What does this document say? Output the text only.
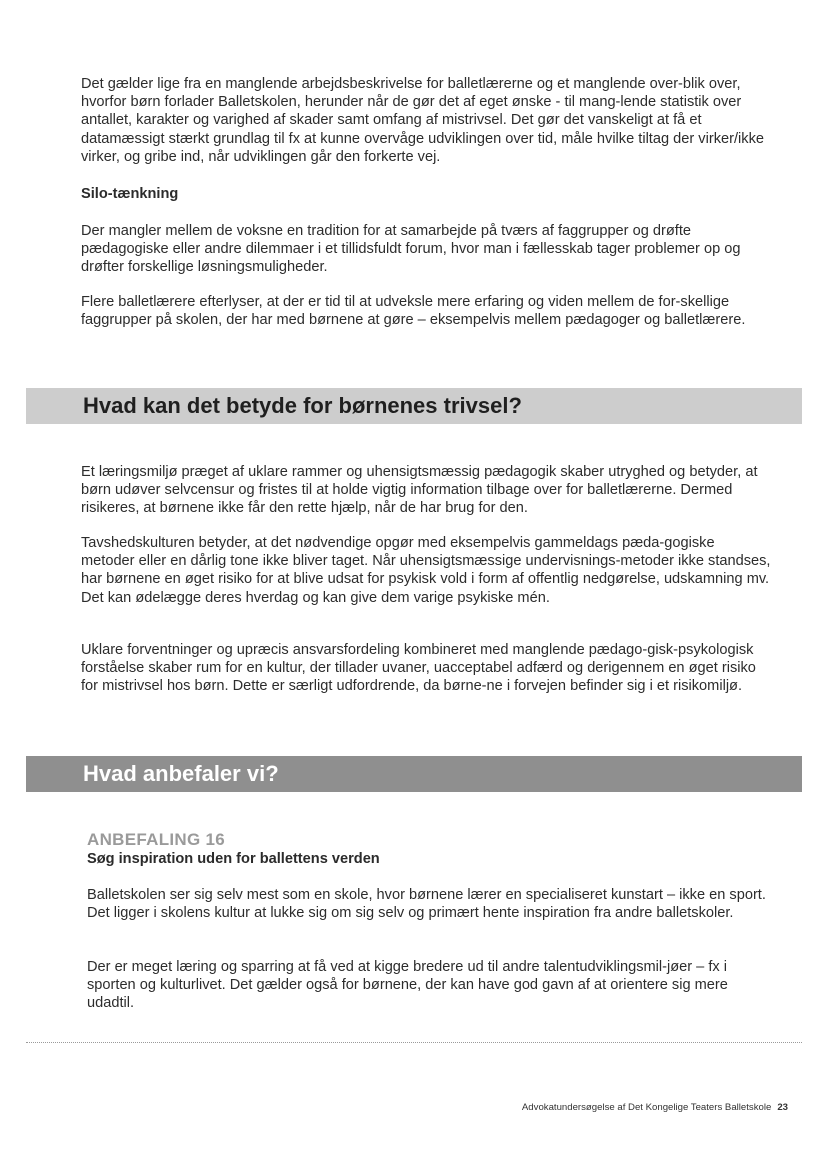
Det gælder lige fra en manglende arbejdsbeskrivelse for balletlærerne og et manglende over-blik over, hvorfor børn forlader Balletskolen, herunder når de gør det af eget ønske - til mang-lende statistik over antallet, karakter og varighed af skader samt omfang af mistrivsel. Det gør det vanskeligt at få et datamæssigt stærkt grundlag til fx at kunne overvåge udviklingen over tid, måle hvilke tiltag der virker/ikke virker, og gribe ind, når udviklingen går den forkerte vej.

Silo-tænkning

Der mangler mellem de voksne en tradition for at samarbejde på tværs af faggrupper og drøfte pædagogiske eller andre dilemmaer i et tillidsfuldt forum, hvor man i fællesskab tager problemer op og drøfter forskellige løsningsmuligheder.

Flere balletlærere efterlyser, at der er tid til at udveksle mere erfaring og viden mellem de for-skellige faggrupper på skolen, der har med børnene at gøre – eksempelvis mellem pædagoger og balletlærere.

Hvad kan det betyde for børnenes trivsel?

Et læringsmiljø præget af uklare rammer og uhensigtsmæssig pædagogik skaber utryghed og betyder, at børn udøver selvcensur og fristes til at holde vigtig information tilbage over for balletlærerne. Dermed risikeres, at børnene ikke får den rette hjælp, når de har brug for den.

Tavshedskulturen betyder, at det nødvendige opgør med eksempelvis gammeldags pæda-gogiske metoder eller en dårlig tone ikke bliver taget. Når uhensigtsmæssige undervisnings-metoder ikke standses, har børnene en øget risiko for at blive udsat for psykisk vold i form af offentlig nedgørelse, udskamning mv. Det kan ødelægge deres hverdag og kan give dem varige psykiske mén.

Uklare forventninger og upræcis ansvarsfordeling kombineret med manglende pædago-gisk-psykologisk forståelse skaber rum for en kultur, der tillader uvaner, uacceptabel adfærd og derigennem en øget risiko for mistrivsel hos børn. Dette er særligt udfordrende, da børne-ne i forvejen befinder sig i et risikomiljø.

Hvad anbefaler vi?
ANBEFALING 16
Søg inspiration uden for ballettens verden

Balletskolen ser sig selv mest som en skole, hvor børnene lærer en specialiseret kunstart – ikke en sport. Det ligger i skolens kultur at lukke sig om sig selv og primært hente inspiration fra andre balletskoler.

Der er meget læring og sparring at få ved at kigge bredere ud til andre talentudviklingsmil-jøer – fx i sporten og kulturlivet. Det gælder også for børnene, der kan have god gavn af at orientere sig mere udadtil.

Advokatundersøgelse af Det Kongelige Teaters Balletskole 23
